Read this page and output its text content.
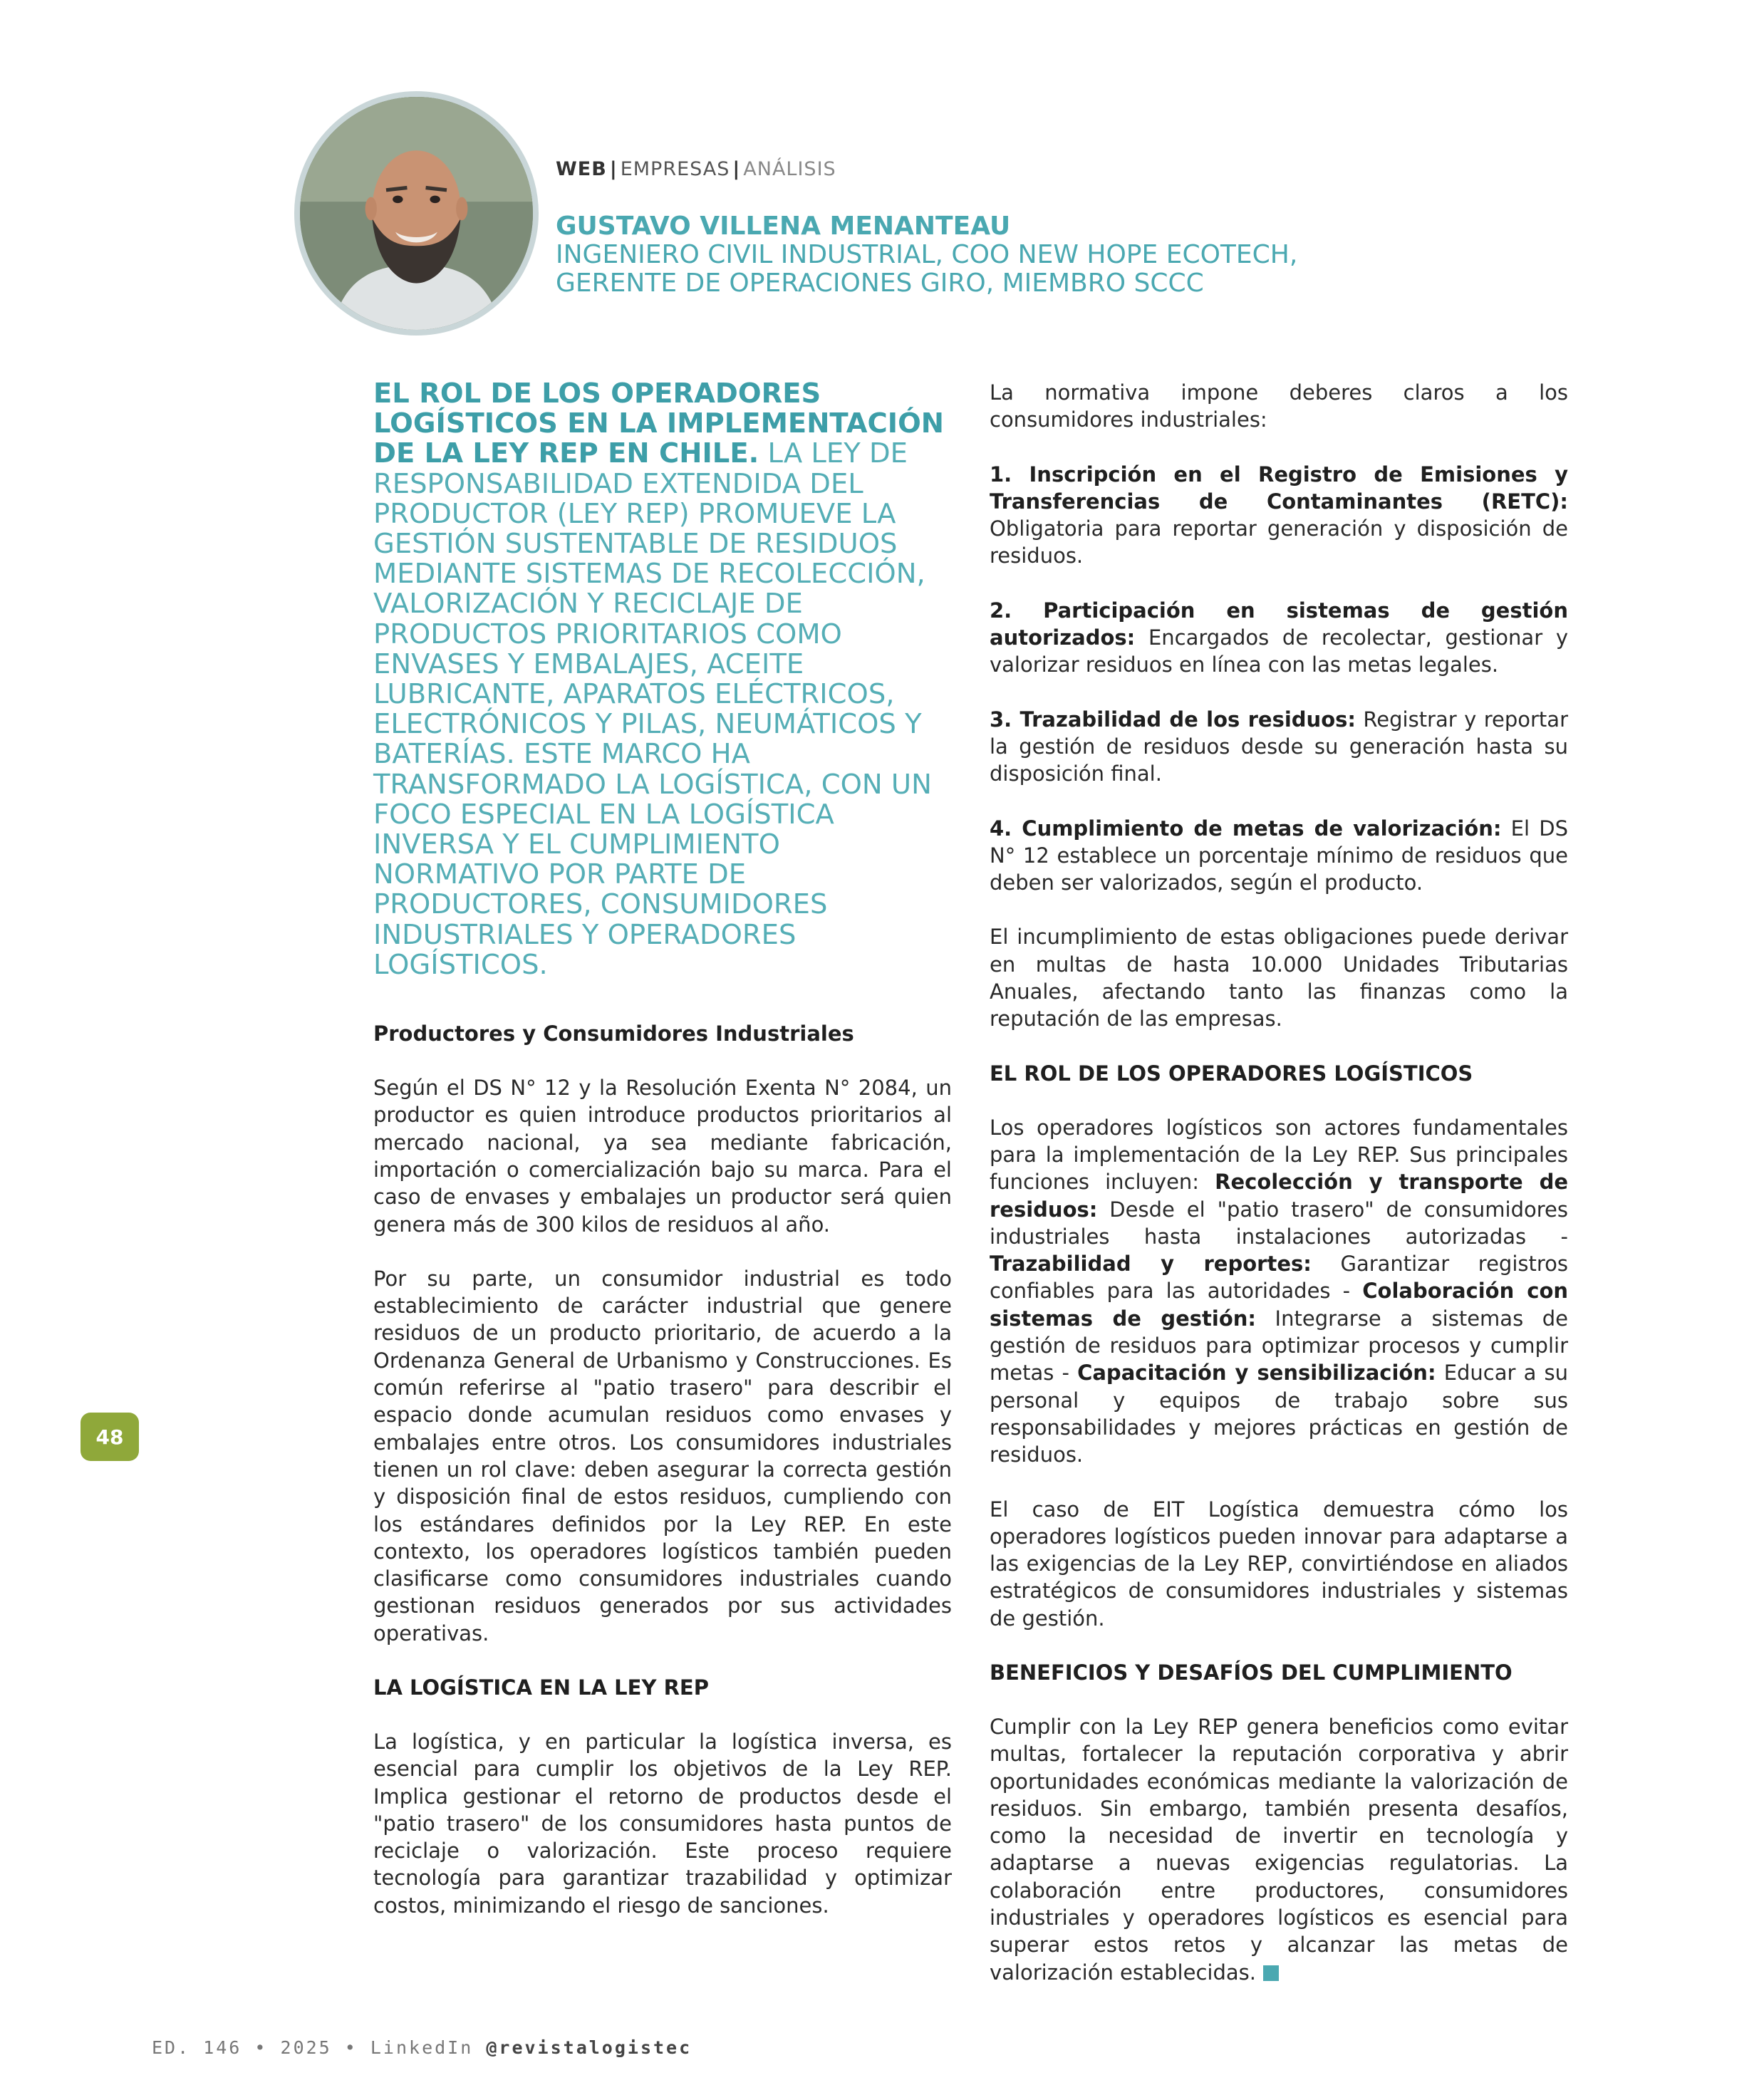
WEB | EMPRESAS | ANÁLISIS
GUSTAVO VILLENA MENANTEAU
INGENIERO CIVIL INDUSTRIAL, COO NEW HOPE ECOTECH,
GERENTE DE OPERACIONES GIRO, MIEMBRO SCCC

EL ROL DE LOS OPERADORES LOGÍSTICOS EN LA IMPLEMENTACIÓN DE LA LEY REP EN CHILE. LA LEY DE RESPONSABILIDAD EXTENDIDA DEL PRODUCTOR (LEY REP) PROMUEVE LA GESTIÓN SUSTENTABLE DE RESIDUOS MEDIANTE SISTEMAS DE RECOLECCIÓN, VALORIZACIÓN Y RECICLAJE DE PRODUCTOS PRIORITARIOS COMO ENVASES Y EMBALAJES, ACEITE LUBRICANTE, APARATOS ELÉCTRICOS, ELECTRÓNICOS Y PILAS, NEUMÁTICOS Y BATERÍAS. ESTE MARCO HA TRANSFORMADO LA LOGÍSTICA, CON UN FOCO ESPECIAL EN LA LOGÍSTICA INVERSA Y EL CUMPLIMIENTO NORMATIVO POR PARTE DE PRODUCTORES, CONSUMIDORES INDUSTRIALES Y OPERADORES LOGÍSTICOS.

Productores y Consumidores Industriales

Según el DS N° 12 y la Resolución Exenta N° 2084, un productor es quien introduce productos prioritarios al mercado nacional, ya sea mediante fabricación, importación o comercialización bajo su marca. Para el caso de envases y embalajes un productor será quien genera más de 300 kilos de residuos al año.

Por su parte, un consumidor industrial es todo establecimiento de carácter industrial que genere residuos de un producto prioritario, de acuerdo a la Ordenanza General de Urbanismo y Construcciones. Es común referirse al "patio trasero" para describir el espacio donde acumulan residuos como envases y embalajes entre otros. Los consumidores industriales tienen un rol clave: deben asegurar la correcta gestión y disposición final de estos residuos, cumpliendo con los estándares definidos por la Ley REP. En este contexto, los operadores logísticos también pueden clasificarse como consumidores industriales cuando gestionan residuos generados por sus actividades operativas.

LA LOGÍSTICA EN LA LEY REP

La logística, y en particular la logística inversa, es esencial para cumplir los objetivos de la Ley REP. Implica gestionar el retorno de productos desde el "patio trasero" de los consumidores hasta puntos de reciclaje o valorización. Este proceso requiere tecnología para garantizar trazabilidad y optimizar costos, minimizando el riesgo de sanciones.

La normativa impone deberes claros a los consumidores industriales:

1. Inscripción en el Registro de Emisiones y Transferencias de Contaminantes (RETC): Obligatoria para reportar generación y disposición de residuos.

2. Participación en sistemas de gestión autorizados: Encargados de recolectar, gestionar y valorizar residuos en línea con las metas legales.

3. Trazabilidad de los residuos: Registrar y reportar la gestión de residuos desde su generación hasta su disposición final.

4. Cumplimiento de metas de valorización: El DS N° 12 establece un porcentaje mínimo de residuos que deben ser valorizados, según el producto.

El incumplimiento de estas obligaciones puede derivar en multas de hasta 10.000 Unidades Tributarias Anuales, afectando tanto las finanzas como la reputación de las empresas.

EL ROL DE LOS OPERADORES LOGÍSTICOS

Los operadores logísticos son actores fundamentales para la implementación de la Ley REP. Sus principales funciones incluyen: Recolección y transporte de residuos: Desde el "patio trasero" de consumidores industriales hasta instalaciones autorizadas - Trazabilidad y reportes: Garantizar registros confiables para las autoridades - Colaboración con sistemas de gestión: Integrarse a sistemas de gestión de residuos para optimizar procesos y cumplir metas - Capacitación y sensibilización: Educar a su personal y equipos de trabajo sobre sus responsabilidades y mejores prácticas en gestión de residuos.

El caso de EIT Logística demuestra cómo los operadores logísticos pueden innovar para adaptarse a las exigencias de la Ley REP, convirtiéndose en aliados estratégicos de consumidores industriales y sistemas de gestión.

BENEFICIOS Y DESAFÍOS DEL CUMPLIMIENTO

Cumplir con la Ley REP genera beneficios como evitar multas, fortalecer la reputación corporativa y abrir oportunidades económicas mediante la valorización de residuos. Sin embargo, también presenta desafíos, como la necesidad de invertir en tecnología y adaptarse a nuevas exigencias regulatorias. La colaboración entre productores, consumidores industriales y operadores logísticos es esencial para superar estos retos y alcanzar las metas de valorización establecidas.

48
ED. 146 • 2025 • LinkedIn @revistalogistec
